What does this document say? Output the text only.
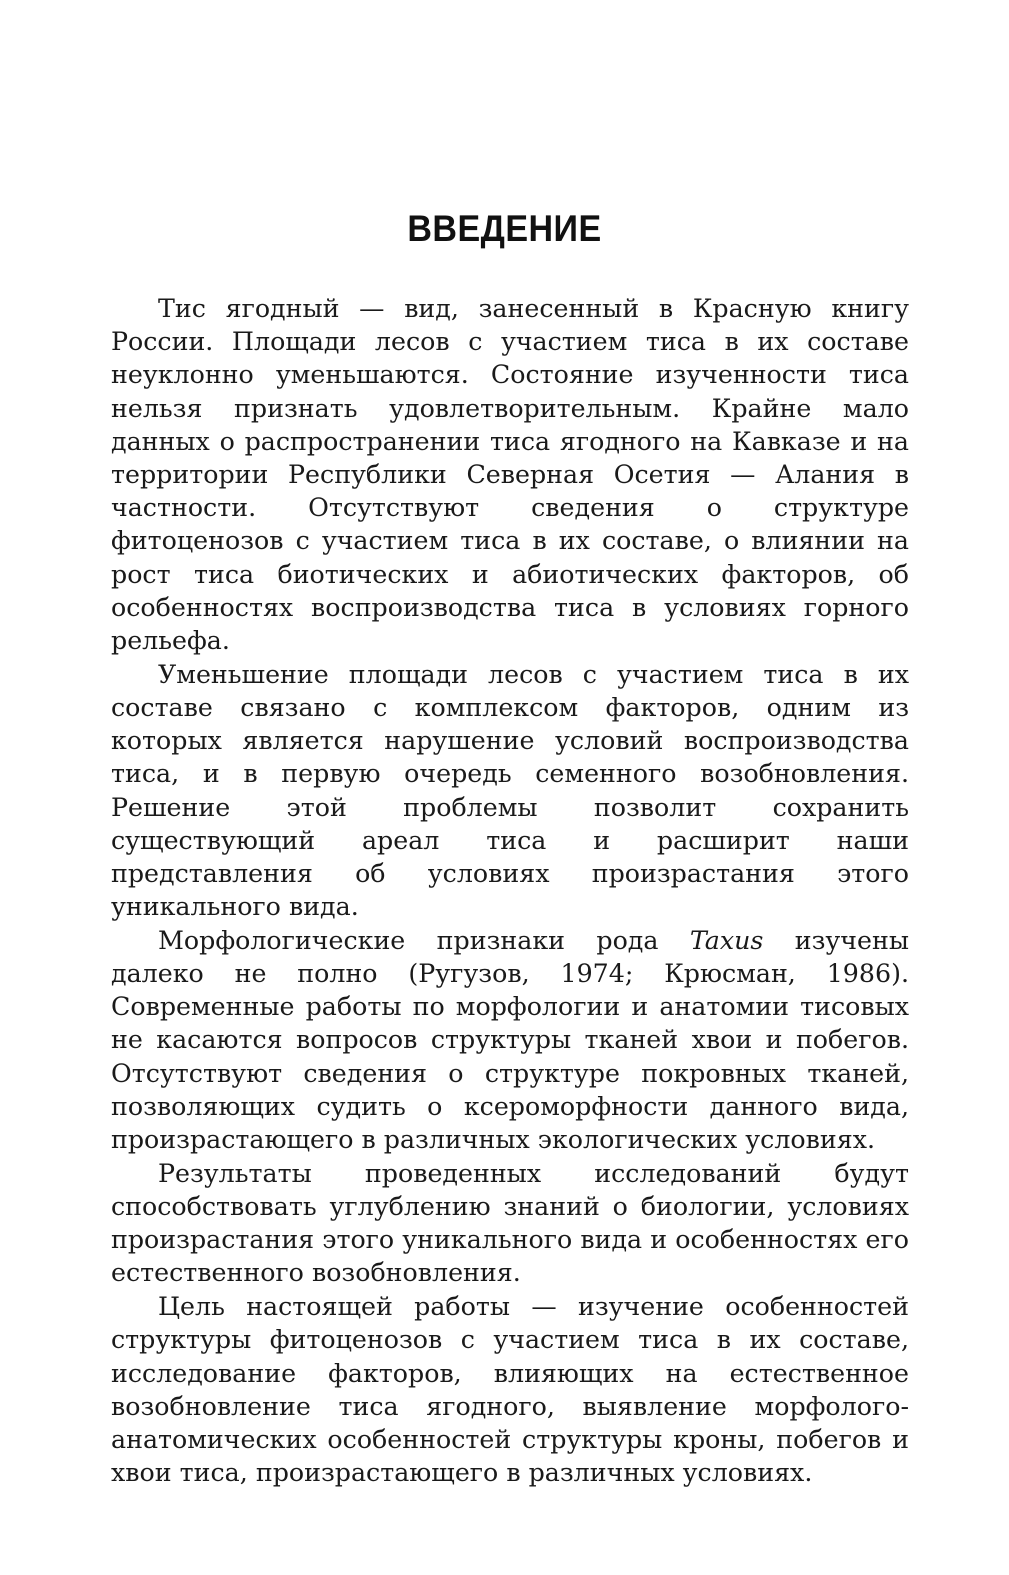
ВВЕДЕНИЕ

Тис ягодный — вид, занесенный в Красную книгу России. Площади лесов с участием тиса в их составе неуклонно уменьшаются. Состояние изученности тиса нельзя признать удовлетворительным. Крайне мало данных о распространении тиса ягодного на Кавказе и на территории Республики Северная Осетия — Алания в частности. Отсутствуют сведения о структуре фитоценозов с участием тиса в их составе, о влиянии на рост тиса биотических и абиотических факторов, об особенностях воспроизводства тиса в условиях горного рельефа.

Уменьшение площади лесов с участием тиса в их составе связано с комплексом факторов, одним из которых является нарушение условий воспроизводства тиса, и в первую очередь семенного возобновления. Решение этой проблемы позволит сохранить существующий ареал тиса и расширит наши представления об условиях произрастания этого уникального вида.

Морфологические признаки рода Taxus изучены далеко не полно (Ругузов, 1974; Крюсман, 1986). Современные работы по морфологии и анатомии тисовых не касаются вопросов структуры тканей хвои и побегов. Отсутствуют сведения о структуре покровных тканей, позволяющих судить о ксероморфности данного вида, произрастающего в различных экологических условиях.

Результаты проведенных исследований будут способствовать углублению знаний о биологии, условиях произрастания этого уникального вида и особенностях его естественного возобновления.

Цель настоящей работы — изучение особенностей структуры фитоценозов с участием тиса в их составе, исследование факторов, влияющих на естественное возобновление тиса ягодного, выявление морфолого-анатомических особенностей структуры кроны, побегов и хвои тиса, произрастающего в различных условиях.
